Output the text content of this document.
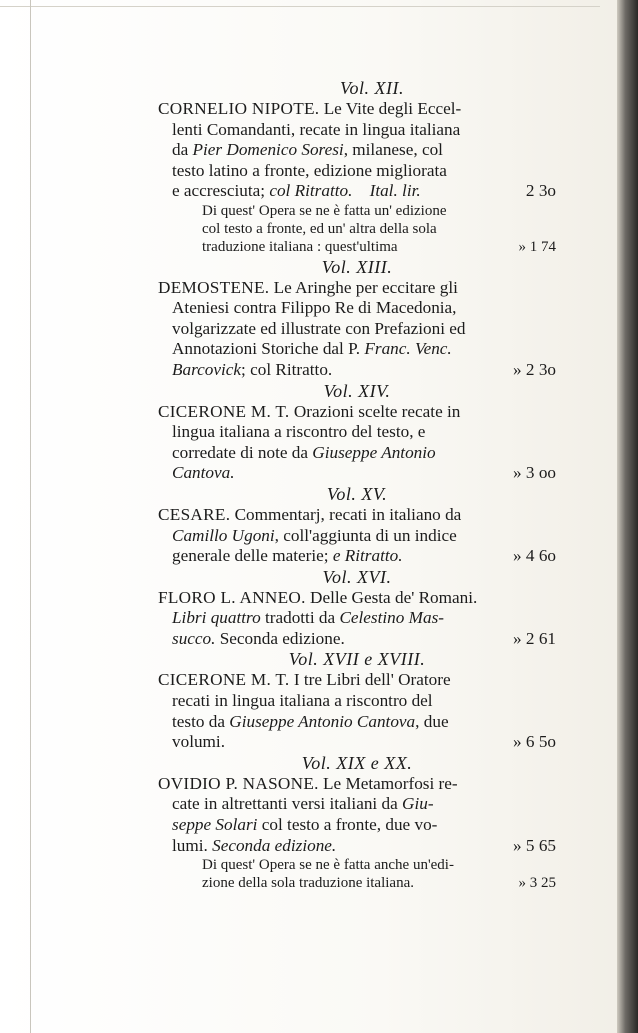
Vol. XII.

CORNELIO NIPOTE. Le Vite degli Eccel-
lenti Comandanti, recate in lingua italiana
da Pier Domenico Soresi, milanese, col
testo latino a fronte, edizione migliorata
e accresciuta; col Ritratto. Ital. lir.	2 3o
Di quest' Opera se ne è fatta un' edizione
col testo a fronte, ed un' altra della sola
traduzione italiana : quest'ultima	» 1 74

Vol. XIII.

DEMOSTENE. Le Aringhe per eccitare gli
Ateniesi contra Filippo Re di Macedonia,
volgarizzate ed illustrate con Prefazioni ed
Annotazioni Storiche dal P. Franc. Venc.
Barcovick; col Ritratto.	» 2 3o

Vol. XIV.

CICERONE M. T. Orazioni scelte recate in
lingua italiana a riscontro del testo, e
corredate di note da Giuseppe Antonio
Cantova.	» 3 oo

Vol. XV.

CESARE. Commentarj, recati in italiano da
Camillo Ugoni, coll'aggiunta di un indice
generale delle materie; e Ritratto.	» 4 6o

Vol. XVI.

FLORO L. ANNEO. Delle Gesta de' Romani.
Libri quattro tradotti da Celestino Mas-
succo. Seconda edizione.	» 2 61

Vol. XVII e XVIII.

CICERONE M. T. I tre Libri dell' Oratore
recati in lingua italiana a riscontro del
testo da Giuseppe Antonio Cantova, due
volumi.	» 6 5o

Vol. XIX e XX.

OVIDIO P. NASONE. Le Metamorfosi re-
cate in altrettanti versi italiani da Giu-
seppe Solari col testo a fronte, due vo-
lumi. Seconda edizione.	» 5 65
Di quest' Opera se ne è fatta anche un'edi-
zione della sola traduzione italiana.	» 3 25
